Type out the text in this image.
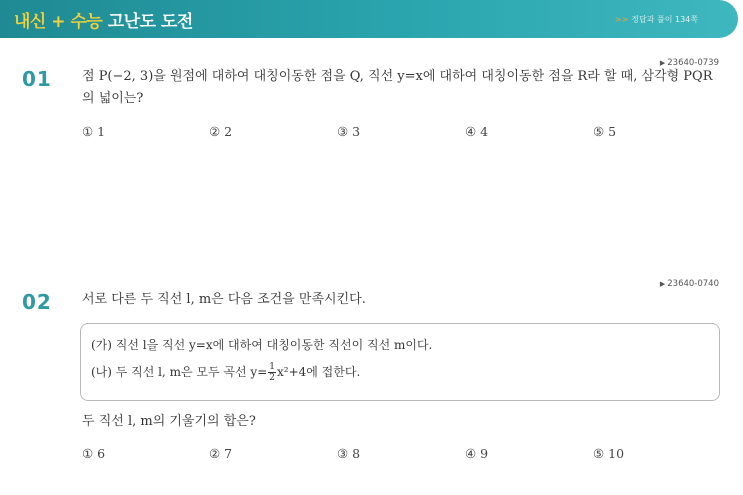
내신 + 수능 고난도 도전	>> 정답과 풀이 134쪽
▶ 23640-0739
01 점 P(−2, 3)을 원점에 대하여 대칭이동한 점을 Q, 직선 y=x에 대하여 대칭이동한 점을 R라 할 때, 삼각형 PQR의 넓이는?
① 1	② 2	③ 3	④ 4	⑤ 5
▶ 23640-0740
02 서로 다른 두 직선 l, m은 다음 조건을 만족시킨다.
(가) 직선 l을 직선 y=x에 대하여 대칭이동한 직선이 직선 m이다.
(나) 두 직선 l, m은 모두 곡선 $y= \frac{1}{2} x^2+4$에 접한다.
두 직선 l, m의 기울기의 합은?
① 6	② 7	③ 8	④ 9	⑤ 10
